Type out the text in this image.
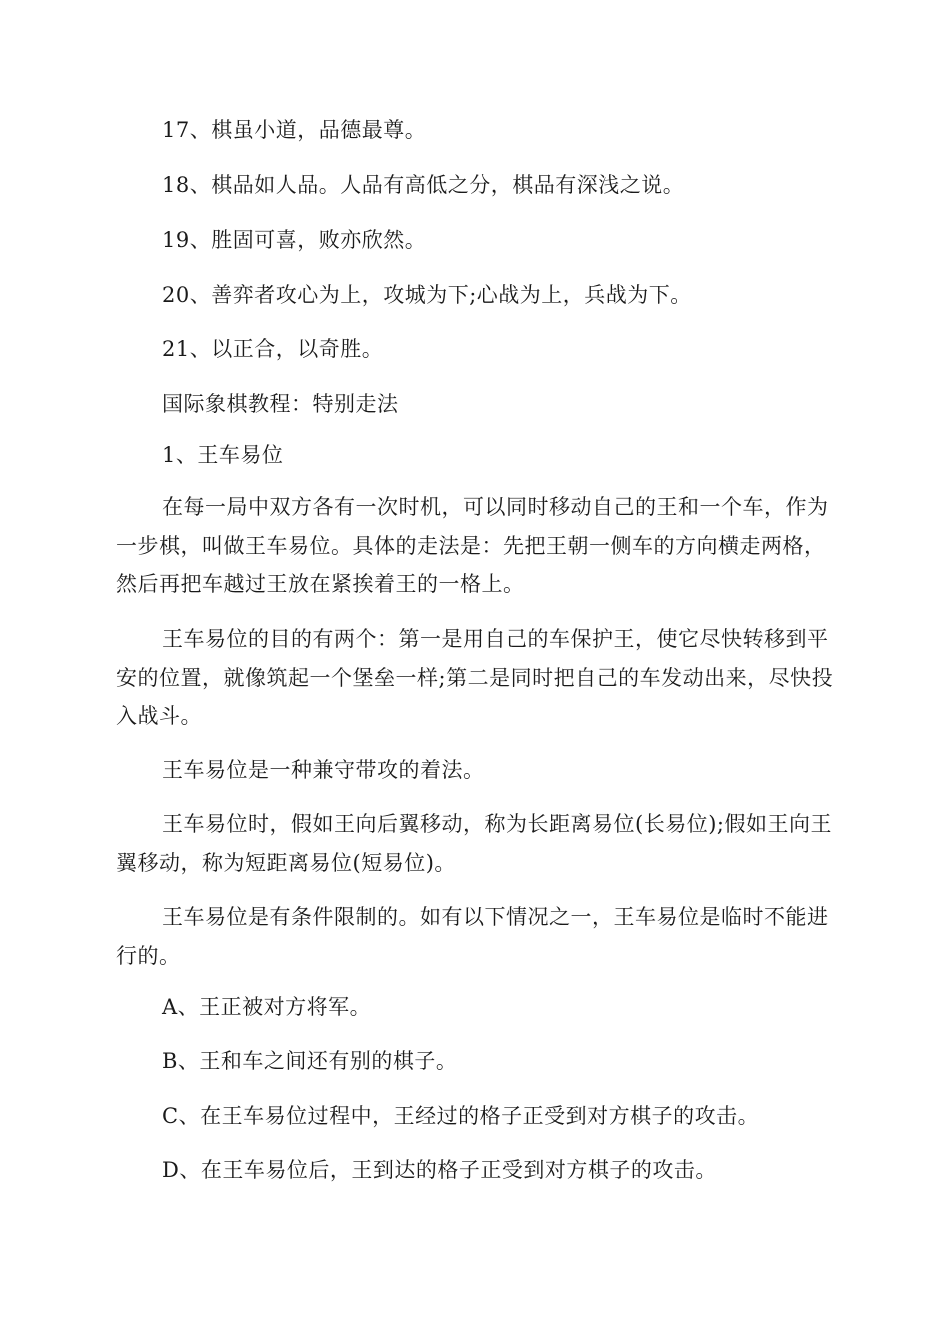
17、棋虽小道，品德最尊。
18、棋品如人品。人品有高低之分，棋品有深浅之说。
19、胜固可喜，败亦欣然。
20、善弈者攻心为上，攻城为下;心战为上，兵战为下。
21、以正合，以奇胜。
国际象棋教程：特别走法
1、王车易位
在每一局中双方各有一次时机，可以同时移动自己的王和一个车，作为一步棋，叫做王车易位。具体的走法是：先把王朝一侧车的方向横走两格，然后再把车越过王放在紧挨着王的一格上。
王车易位的目的有两个：第一是用自己的车保护王，使它尽快转移到平安的位置，就像筑起一个堡垒一样;第二是同时把自己的车发动出来，尽快投入战斗。
王车易位是一种兼守带攻的着法。
王车易位时，假如王向后翼移动，称为长距离易位(长易位);假如王向王翼移动，称为短距离易位(短易位)。
王车易位是有条件限制的。如有以下情况之一，王车易位是临时不能进行的。
A、王正被对方将军。
B、王和车之间还有别的棋子。
C、在王车易位过程中，王经过的格子正受到对方棋子的攻击。
D、在王车易位后，王到达的格子正受到对方棋子的攻击。
